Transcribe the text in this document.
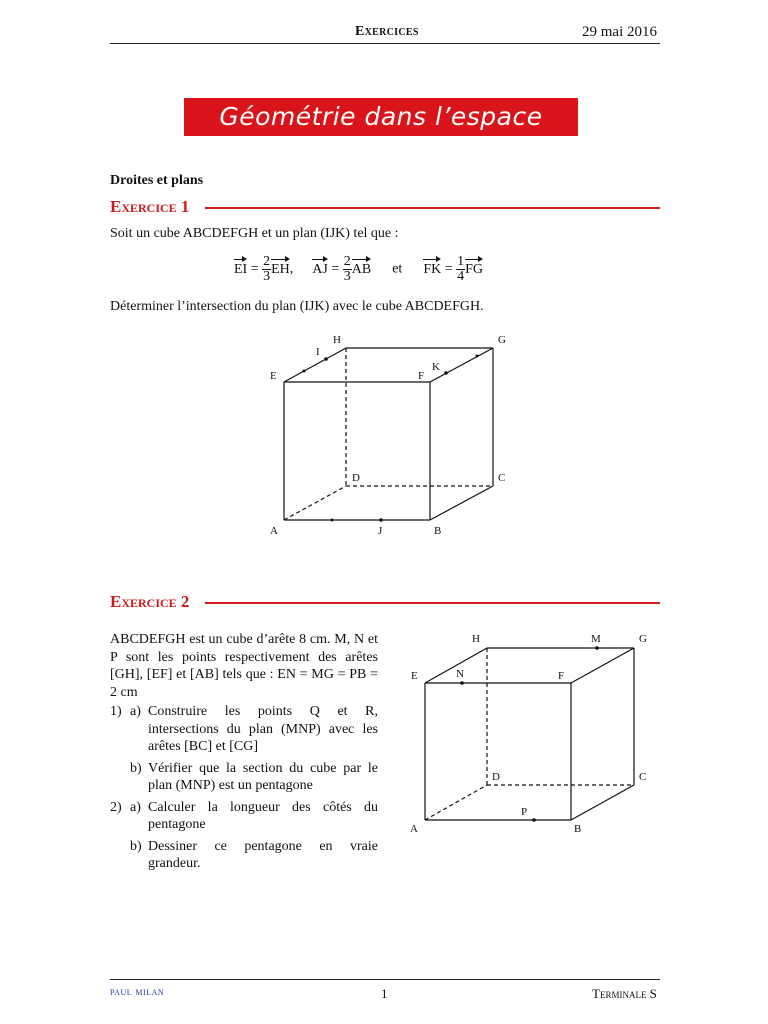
Exercices	29 mai 2016
Géométrie dans l’espace
Droites et plans
Exercice 1
Soit un cube ABCDEFGH et un plan (IJK) tel que :
EI = $\frac{2}{3}$ EH, AJ = $\frac{2}{3}$ AB et FK = $\frac{1}{4}$ FG
Déterminer l’intersection du plan (IJK) avec le cube ABCDEFGH.
H	G
I
K
E	F
D	C
A	J	B
Exercice 2
ABCDEFGH est un cube d’arête 8 cm. M, N et P sont les points respectivement des arêtes [GH], [EF] et [AB] tels que : EN = MG = PB = 2 cm
1) a) Construire les points Q et R, intersections du plan (MNP) avec les arêtes [BC] et [CG]
b) Vérifier que la section du cube par le plan (MNP) est un pentagone
2) a) Calculer la longueur des côtés du pentagone
b) Dessiner ce pentagone en vraie grandeur.
H	M	G
E	N	F
D	C
P
A	B
paul milan	1	Terminale S
